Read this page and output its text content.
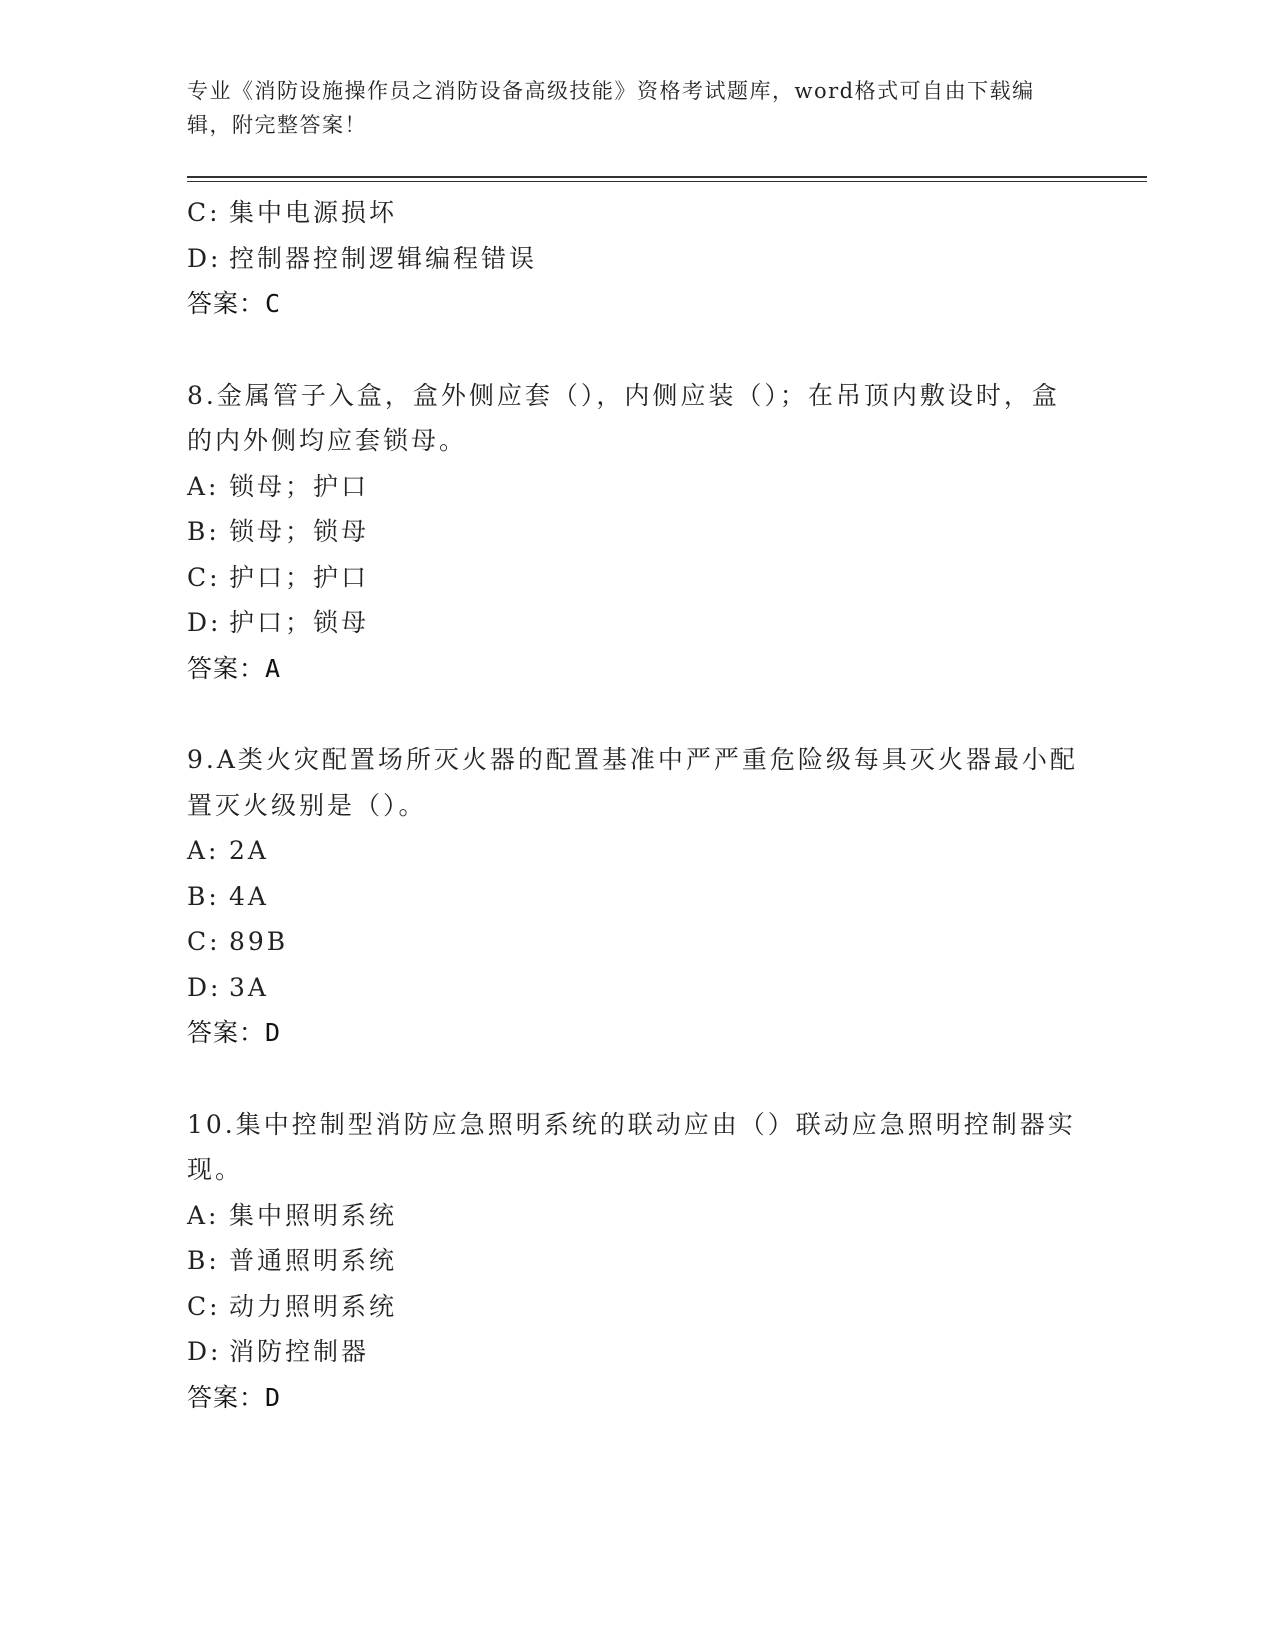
专业《消防设施操作员之消防设备高级技能》资格考试题库，word格式可自由下载编辑，附完整答案！
C: 集中电源损坏
D: 控制器控制逻辑编程错误
答案：C
8.金属管子入盒，盒外侧应套（），内侧应装（）；在吊顶内敷设时，盒的内外侧均应套锁母。
A: 锁母；护口
B: 锁母；锁母
C: 护口；护口
D: 护口；锁母
答案：A
9.A类火灾配置场所灭火器的配置基准中严严重危险级每具灭火器最小配置灭火级别是（）。
A: 2A
B: 4A
C: 89B
D: 3A
答案：D
10.集中控制型消防应急照明系统的联动应由（）联动应急照明控制器实现。
A: 集中照明系统
B: 普通照明系统
C: 动力照明系统
D: 消防控制器
答案：D
